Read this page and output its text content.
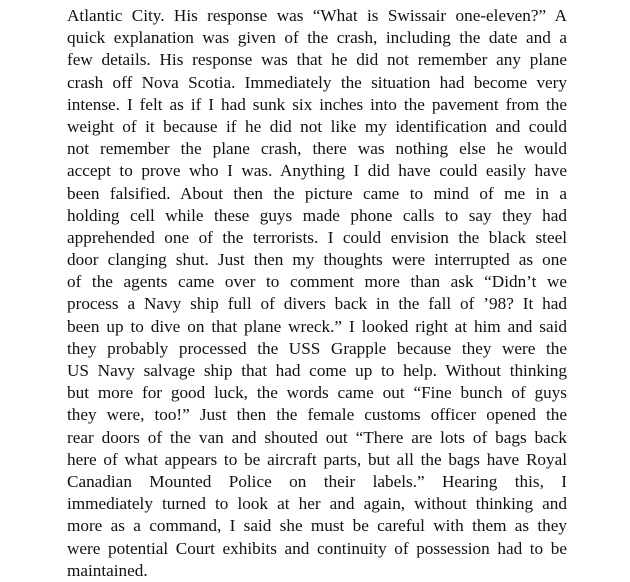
Atlantic City. His response was “What is Swissair one-eleven?” A
quick explanation was given of the crash, including the date and a
few details. His response was that he did not remember any plane
crash off Nova Scotia. Immediately the situation had become very
intense. I felt as if I had sunk six inches into the pavement from the
weight of it because if he did not like my identification and could
not remember the plane crash, there was nothing else he would
accept to prove who I was. Anything I did have could easily have
been falsified. About then the picture came to mind of me in a
holding cell while these guys made phone calls to say they had
apprehended one of the terrorists. I could envision the black steel
door clanging shut. Just then my thoughts were interrupted as one
of the agents came over to comment more than ask “Didn’t we
process a Navy ship full of divers back in the fall of ’98? It had
been up to dive on that plane wreck.” I looked right at him and said
they probably processed the USS Grapple because they were the
US Navy salvage ship that had come up to help. Without thinking
but more for good luck, the words came out “Fine bunch of guys
they were, too!” Just then the female customs officer opened the
rear doors of the van and shouted out “There are lots of bags back
here of what appears to be aircraft parts, but all the bags have Royal
Canadian Mounted Police on their labels.” Hearing this, I
immediately turned to look at her and again, without thinking and
more as a command, I said she must be careful with them as they
were potential Court exhibits and continuity of possession had to be
maintained.
